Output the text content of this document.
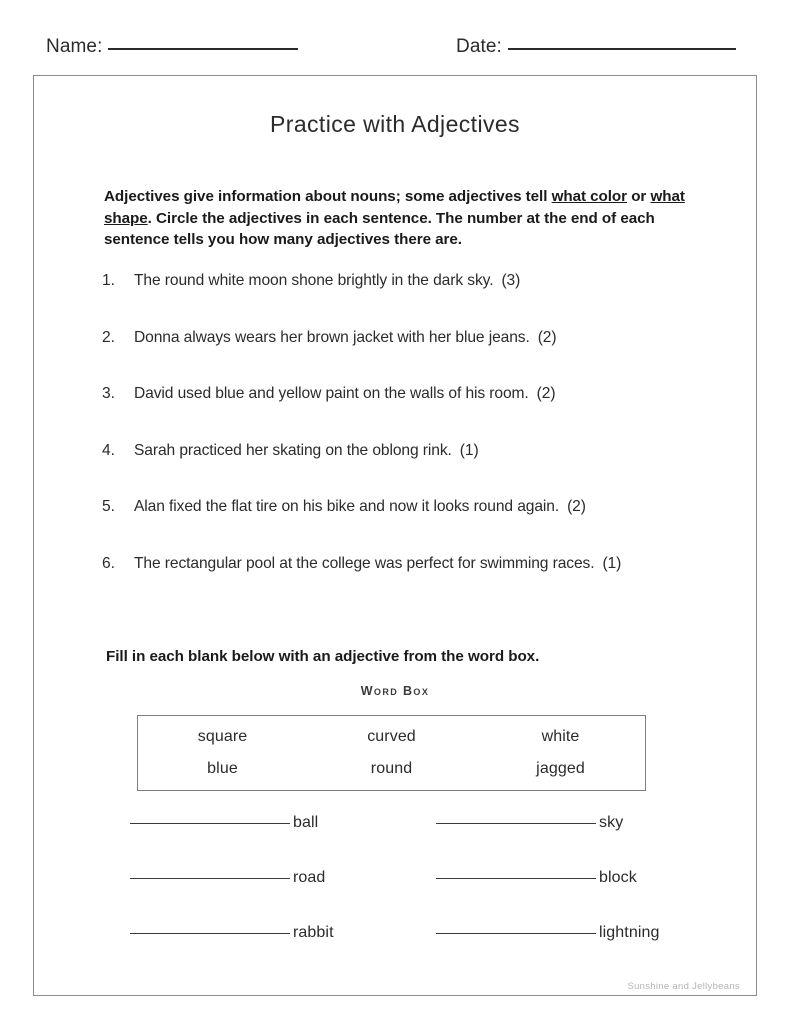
Name:	Date:
Practice with Adjectives
Adjectives give information about nouns; some adjectives tell what color or what shape. Circle the adjectives in each sentence. The number at the end of each sentence tells you how many adjectives there are.
1.	The round white moon shone brightly in the dark sky. (3)
2.	Donna always wears her brown jacket with her blue jeans. (2)
3.	David used blue and yellow paint on the walls of his room. (2)
4.	Sarah practiced her skating on the oblong rink. (1)
5.	Alan fixed the flat tire on his bike and now it looks round again. (2)
6.	The rectangular pool at the college was perfect for swimming races. (1)
Fill in each blank below with an adjective from the word box.
Word Box
square	curved	white
blue	round	jagged
ball	sky
road	block
rabbit	lightning
Sunshine and Jellybeans
